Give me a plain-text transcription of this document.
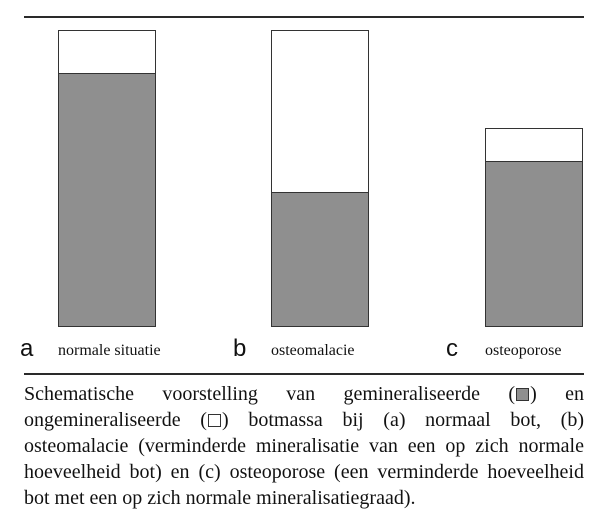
a normale situatie	b osteomalacie	c osteoporose

Schematische voorstelling van gemineraliseerde ( ) en ongemineraliseerde ( ) botmassa bij (a) normaal bot, (b) osteomalacie (verminderde mineralisatie van een op zich normale hoeveelheid bot) en (c) osteoporose (een verminderde hoeveelheid bot met een op zich normale mineralisatiegraad).
